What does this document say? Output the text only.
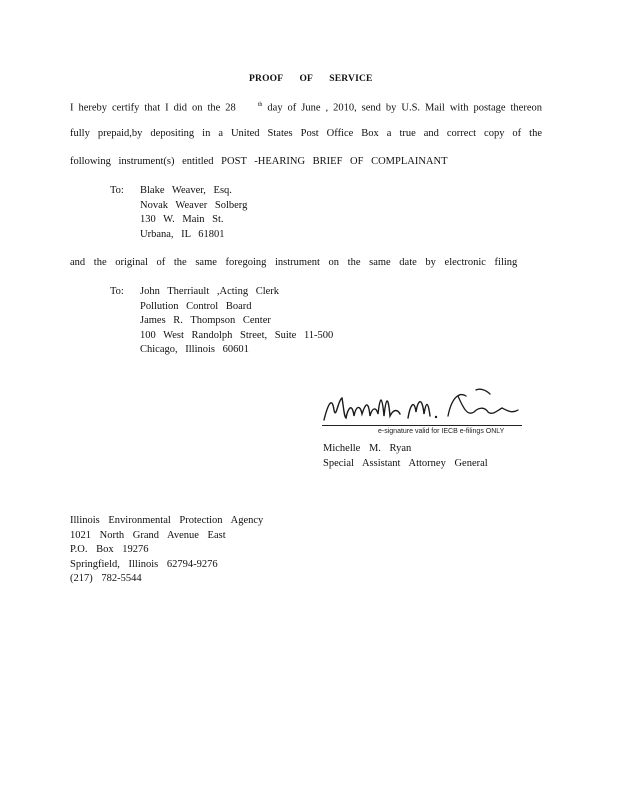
PROOF OF SERVICE
I hereby certify that I did on the 28	$^{th}$ day of June , 2010, send by U.S. Mail with postage thereon
fully prepaid,by depositing in a United States Post Office Box a true and correct copy of the
following instrument(s) entitled POST -HEARING BRIEF OF COMPLAINANT
To: Blake Weaver, Esq.
Novak Weaver Solberg
130 W. Main St.
Urbana, IL 61801
and the original of the same foregoing instrument on the same date by electronic filing
To: John Therriault ,Acting Clerk
Pollution Control Board
James R. Thompson Center
100 West Randolph Street, Suite 11-500
Chicago, Illinois 60601
e-signature valid for IECB e-filings ONLY
Michelle M. Ryan
Special Assistant Attorney General
Illinois Environmental Protection Agency
1021 North Grand Avenue East
P.O. Box 19276
Springfield, Illinois 62794-9276
(217) 782-5544
